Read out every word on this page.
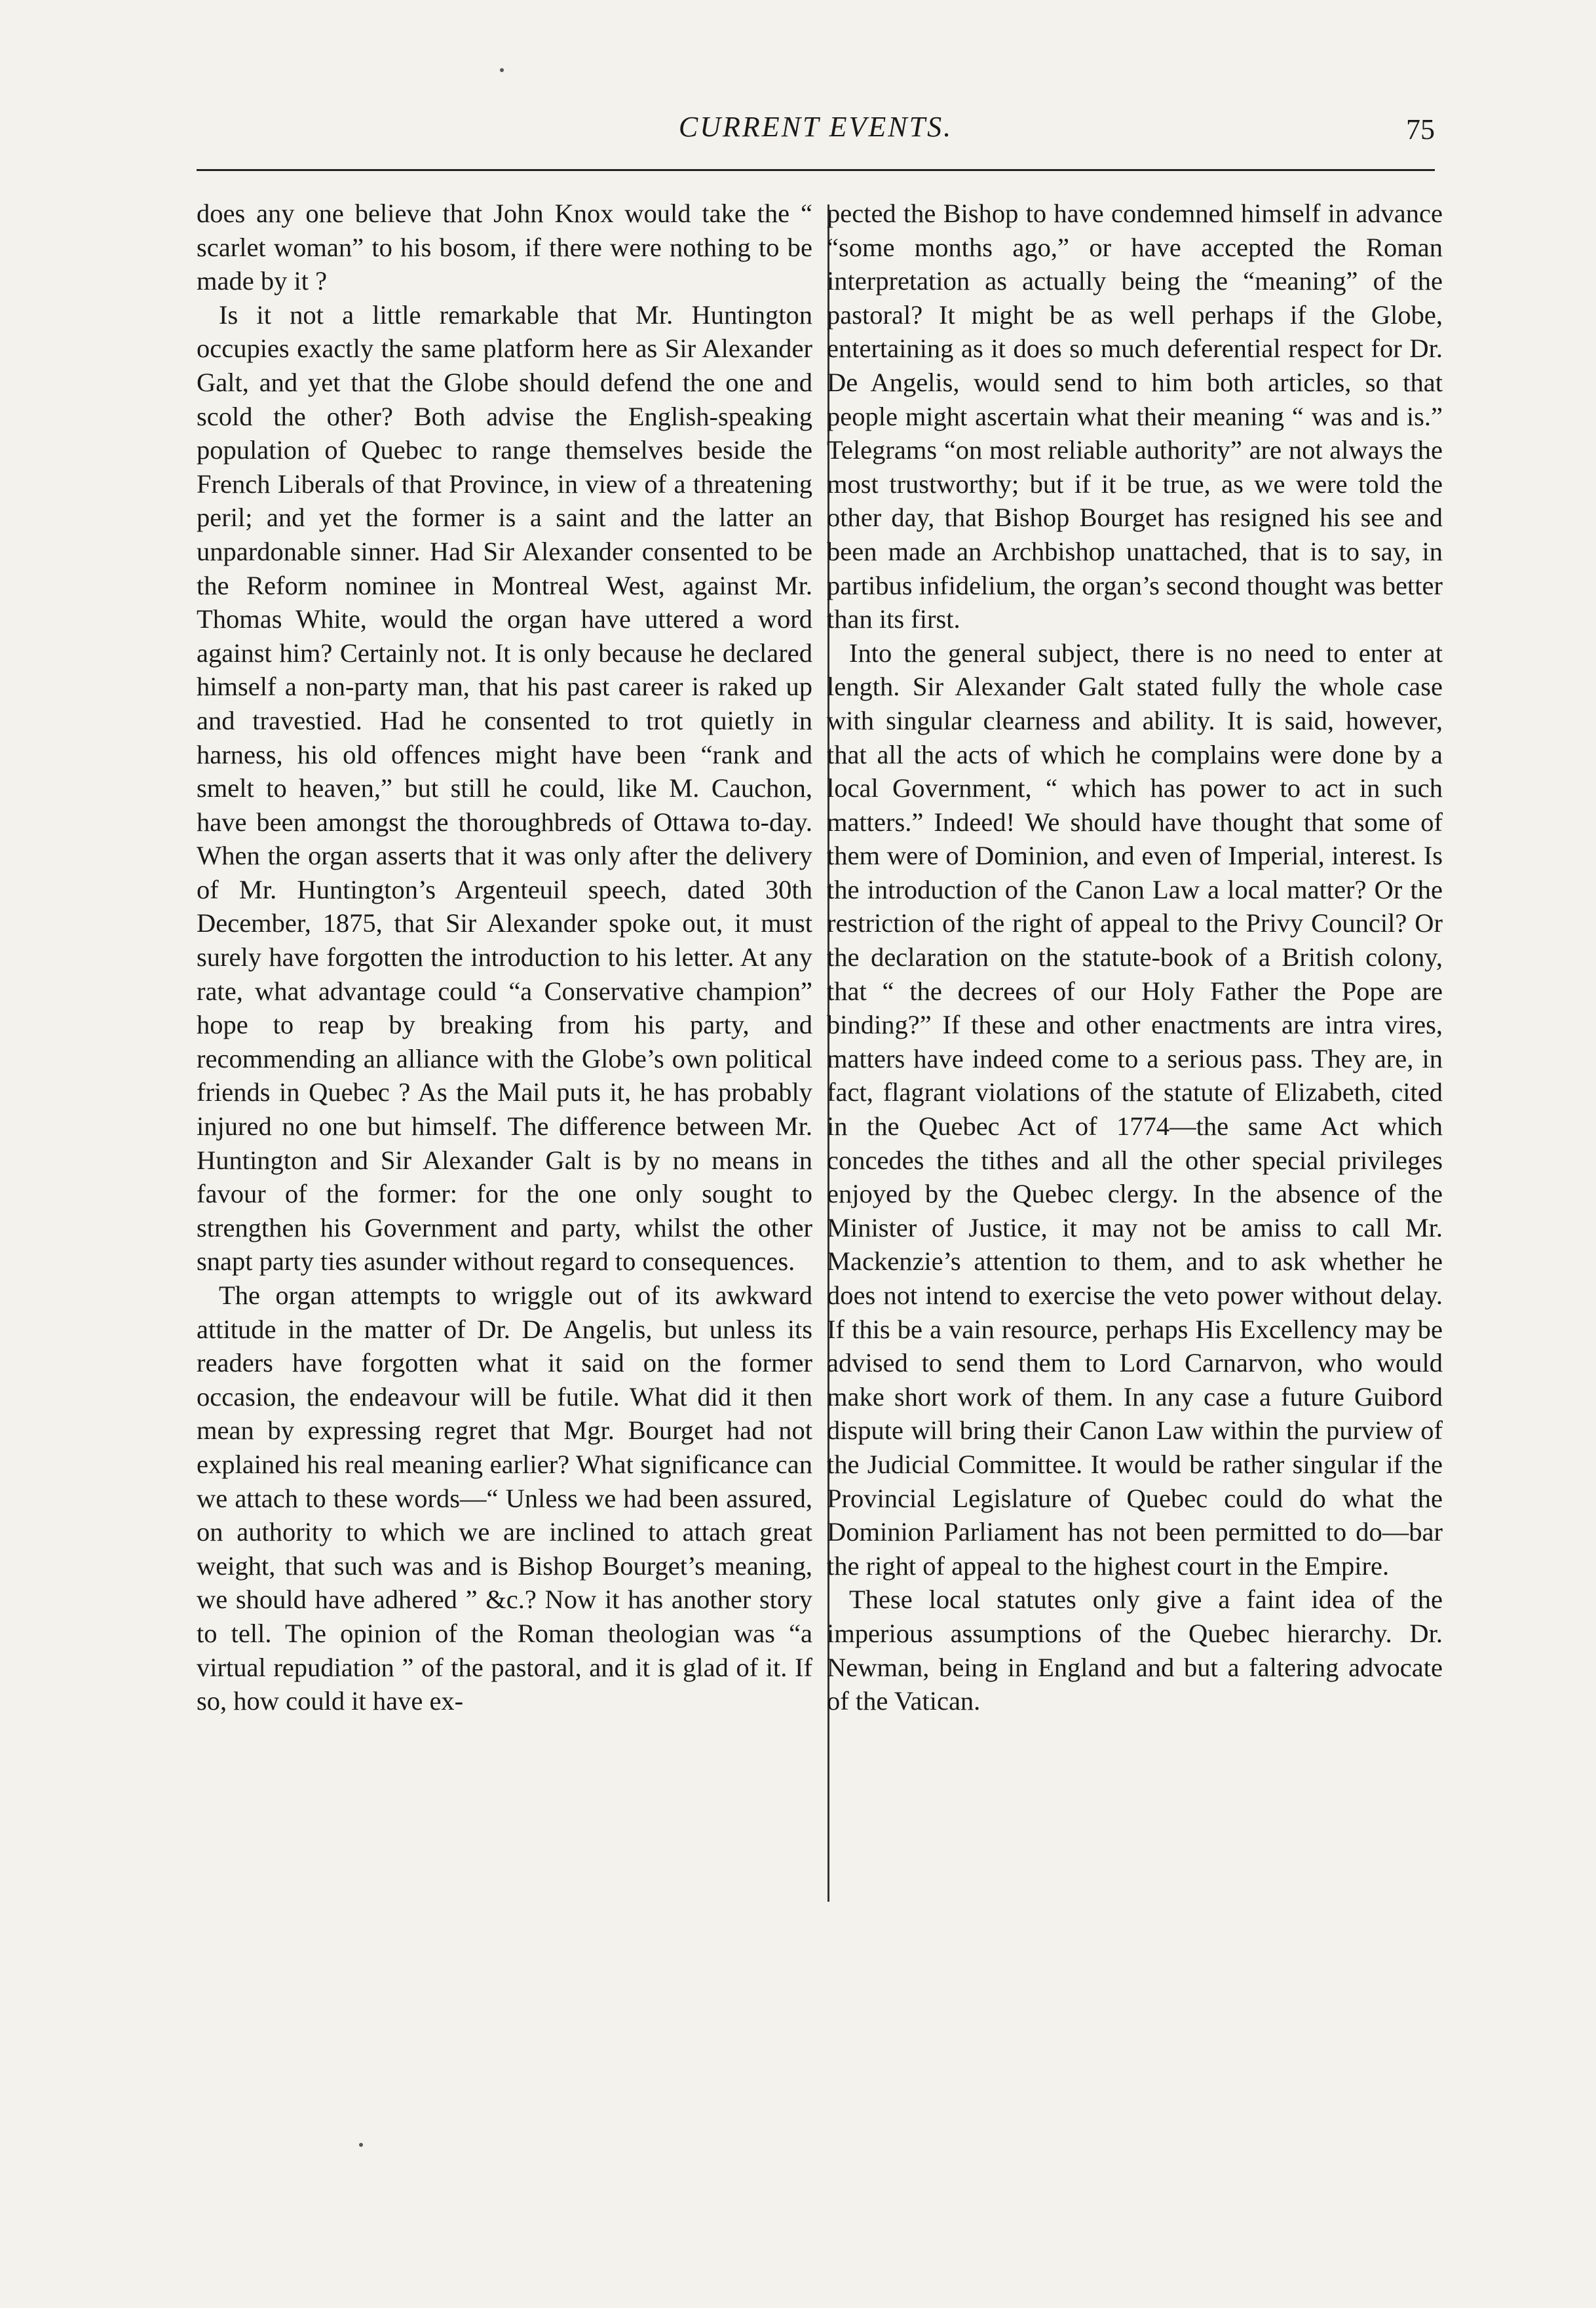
CURRENT EVENTS.	75

does any one believe that John Knox would take the “ scarlet woman” to his bosom, if there were nothing to be made by it ?

Is it not a little remarkable that Mr. Huntington occupies exactly the same platform here as Sir Alexander Galt, and yet that the Globe should defend the one and scold the other? Both advise the English-speaking population of Quebec to range themselves beside the French Liberals of that Province, in view of a threatening peril; and yet the former is a saint and the latter an unpardonable sinner. Had Sir Alexander consented to be the Reform nominee in Montreal West, against Mr. Thomas White, would the organ have uttered a word against him? Certainly not. It is only because he declared himself a non-party man, that his past career is raked up and travestied. Had he consented to trot quietly in harness, his old offences might have been “rank and smelt to heaven,” but still he could, like M. Cauchon, have been amongst the thoroughbreds of Ottawa to-day. When the organ asserts that it was only after the delivery of Mr. Huntington’s Argenteuil speech, dated 30th December, 1875, that Sir Alexander spoke out, it must surely have forgotten the introduction to his letter. At any rate, what advantage could “a Conservative champion” hope to reap by breaking from his party, and recommending an alliance with the Globe’s own political friends in Quebec ? As the Mail puts it, he has probably injured no one but himself. The difference between Mr. Huntington and Sir Alexander Galt is by no means in favour of the former: for the one only sought to strengthen his Government and party, whilst the other snapt party ties asunder without regard to consequences.

The organ attempts to wriggle out of its awkward attitude in the matter of Dr. De Angelis, but unless its readers have forgotten what it said on the former occasion, the endeavour will be futile. What did it then mean by expressing regret that Mgr. Bourget had not explained his real meaning earlier? What significance can we attach to these words—“ Unless we had been assured, on authority to which we are inclined to attach great weight, that such was and is Bishop Bourget’s meaning, we should have adhered ” &c.? Now it has another story to tell. The opinion of the Roman theologian was “a virtual repudiation ” of the pastoral, and it is glad of it. If so, how could it have ex-

pected the Bishop to have condemned himself in advance “some months ago,” or have accepted the Roman interpretation as actually being the “meaning” of the pastoral? It might be as well perhaps if the Globe, entertaining as it does so much deferential respect for Dr. De Angelis, would send to him both articles, so that people might ascertain what their meaning “ was and is.” Telegrams “on most reliable authority” are not always the most trustworthy; but if it be true, as we were told the other day, that Bishop Bourget has resigned his see and been made an Archbishop unattached, that is to say, in partibus infidelium, the organ’s second thought was better than its first.

Into the general subject, there is no need to enter at length. Sir Alexander Galt stated fully the whole case with singular clearness and ability. It is said, however, that all the acts of which he complains were done by a local Government, “ which has power to act in such matters.” Indeed! We should have thought that some of them were of Dominion, and even of Imperial, interest. Is the introduction of the Canon Law a local matter? Or the restriction of the right of appeal to the Privy Council? Or the declaration on the statute-book of a British colony, that “ the decrees of our Holy Father the Pope are binding?” If these and other enactments are intra vires, matters have indeed come to a serious pass. They are, in fact, flagrant violations of the statute of Elizabeth, cited in the Quebec Act of 1774—the same Act which concedes the tithes and all the other special privileges enjoyed by the Quebec clergy. In the absence of the Minister of Justice, it may not be amiss to call Mr. Mackenzie’s attention to them, and to ask whether he does not intend to exercise the veto power without delay. If this be a vain resource, perhaps His Excellency may be advised to send them to Lord Carnarvon, who would make short work of them. In any case a future Guibord dispute will bring their Canon Law within the purview of the Judicial Committee. It would be rather singular if the Provincial Legislature of Quebec could do what the Dominion Parliament has not been permitted to do—bar the right of appeal to the highest court in the Empire.

These local statutes only give a faint idea of the imperious assumptions of the Quebec hierarchy. Dr. Newman, being in England and but a faltering advocate of the Vatican.
